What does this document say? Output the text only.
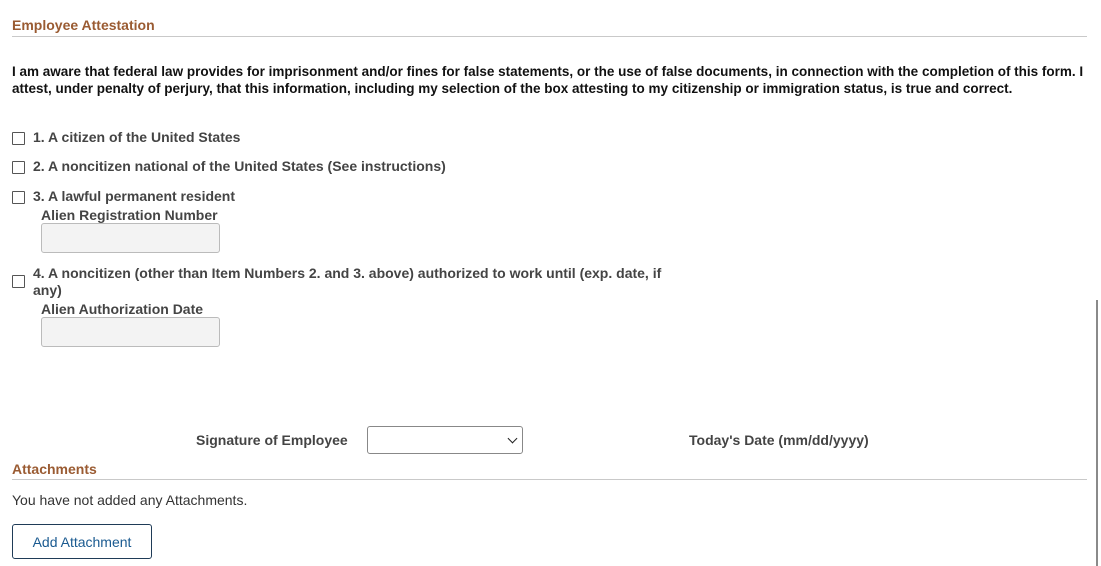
Employee Attestation
I am aware that federal law provides for imprisonment and/or fines for false statements, or the use of false documents, in connection with the completion of this form. I attest, under penalty of perjury, that this information, including my selection of the box attesting to my citizenship or immigration status, is true and correct.
1. A citizen of the United States
2. A noncitizen national of the United States (See instructions)
3. A lawful permanent resident
Alien Registration Number
4. A noncitizen (other than Item Numbers 2. and 3. above) authorized to work until (exp. date, if any)
Alien Authorization Date
Signature of Employee	Today's Date (mm/dd/yyyy)
Attachments
You have not added any Attachments.
Add Attachment
